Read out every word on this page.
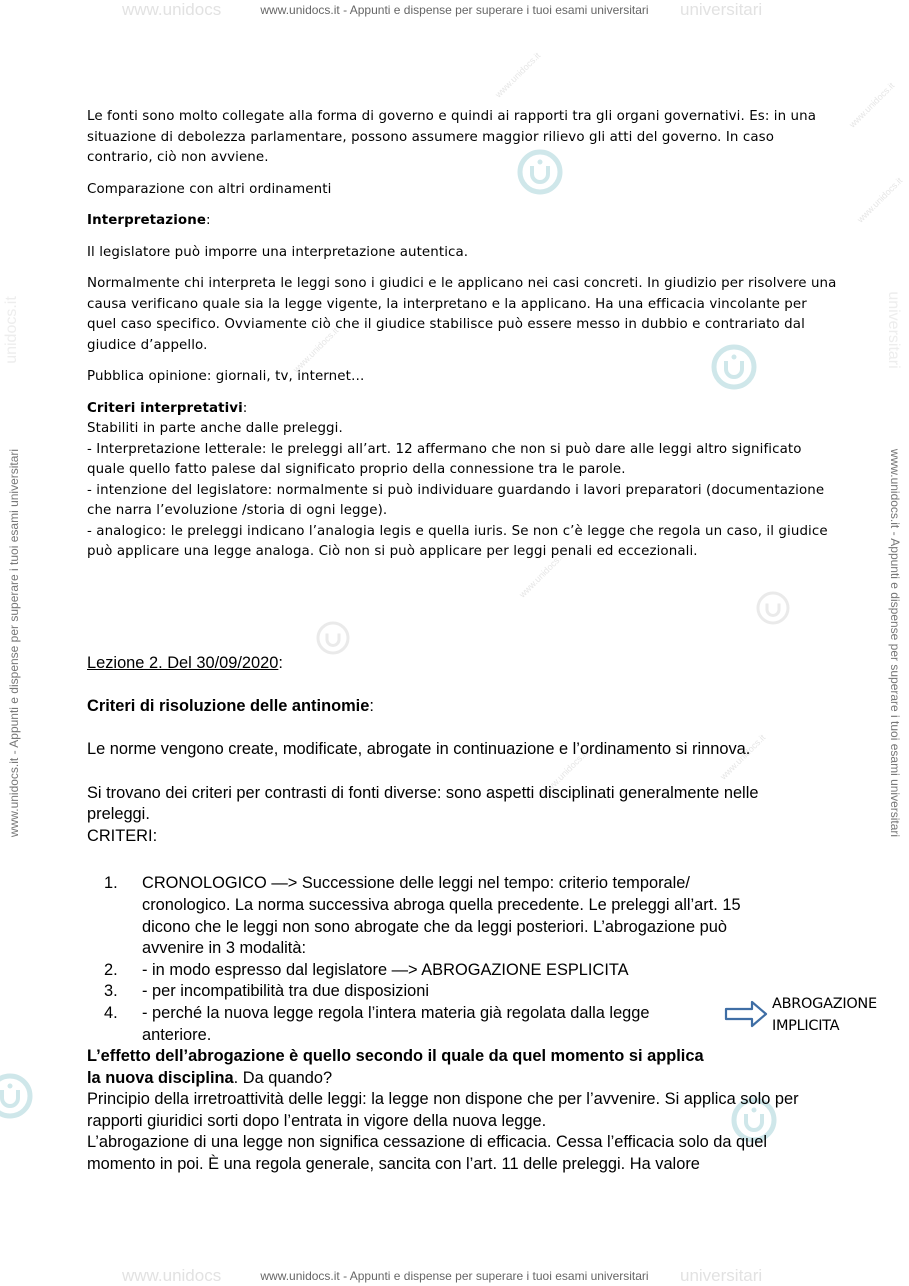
www.unidocs	www.unidocs.it - Appunti e dispense per superare i tuoi esami universitari universitari
www.unidocs	www.unidocs.it - Appunti e dispense per superare i tuoi esami universitari universitari
www.unidocs.it - Appunti e dispense per superare i tuoi esami universitari	www.unidocs.it - Appunti e dispense per superare i tuoi esami universitari
unidocs.it	universitari
www.unidocs.it
www.unidocs.it
www.unidocs.it
www.unidocs.it
www.unidocs.it
www.unidocs.it
www.unidocs.it

Le fonti sono molto collegate alla forma di governo e quindi ai rapporti tra gli organi governativi. Es: in una situazione di debolezza parlamentare, possono assumere maggior rilievo gli atti del governo. In caso contrario, ciò non avviene.

Comparazione con altri ordinamenti

Interpretazione:

Il legislatore può imporre una interpretazione autentica.

Normalmente chi interpreta le leggi sono i giudici e le applicano nei casi concreti. In giudizio per risolvere una causa verificano quale sia la legge vigente, la interpretano e la applicano. Ha una efficacia vincolante per quel caso specifico. Ovviamente ciò che il giudice stabilisce può essere messo in dubbio e contrariato dal giudice d’appello.

Pubblica opinione: giornali, tv, internet…

Criteri interpretativi:

Stabiliti in parte anche dalle preleggi.

- Interpretazione letterale: le preleggi all’art. 12 affermano che non si può dare alle leggi altro significato quale quello fatto palese dal significato proprio della connessione tra le parole.

- intenzione del legislatore: normalmente si può individuare guardando i lavori preparatori (documentazione che narra l’evoluzione /storia di ogni legge).

- analogico: le preleggi indicano l’analogia legis e quella iuris. Se non c’è legge che regola un caso, il giudice può applicare una legge analoga. Ciò non si può applicare per leggi penali ed eccezionali.

Lezione 2. Del 30/09/2020:

Criteri di risoluzione delle antinomie:

Le norme vengono create, modificate, abrogate in continuazione e l’ordinamento si rinnova.

Si trovano dei criteri per contrasti di fonti diverse: sono aspetti disciplinati generalmente nelle preleggi.

CRITERI:

1. CRONOLOGICO —> Successione delle leggi nel tempo: criterio temporale/ cronologico. La norma successiva abroga quella precedente. Le preleggi all’art. 15 dicono che le leggi non sono abrogate che da leggi posteriori. L’abrogazione può avvenire in 3 modalità:
2. - in modo espresso dal legislatore —> ABROGAZIONE ESPLICITA
3. - per incompatibilità tra due disposizioni
4. - perché la nuova legge regola l’intera materia già regolata dalla legge anteriore.

L’effetto dell’abrogazione è quello secondo il quale da quel momento si applica la nuova disciplina. Da quando?

Principio della irretroattività delle leggi: la legge non dispone che per l’avvenire. Si applica solo per rapporti giuridici sorti dopo l’entrata in vigore della nuova legge.

L’abrogazione di una legge non significa cessazione di efficacia. Cessa l’efficacia solo da quel momento in poi. È una regola generale, sancita con l’art. 11 delle preleggi. Ha valore

ABROGAZIONE
IMPLICITA
